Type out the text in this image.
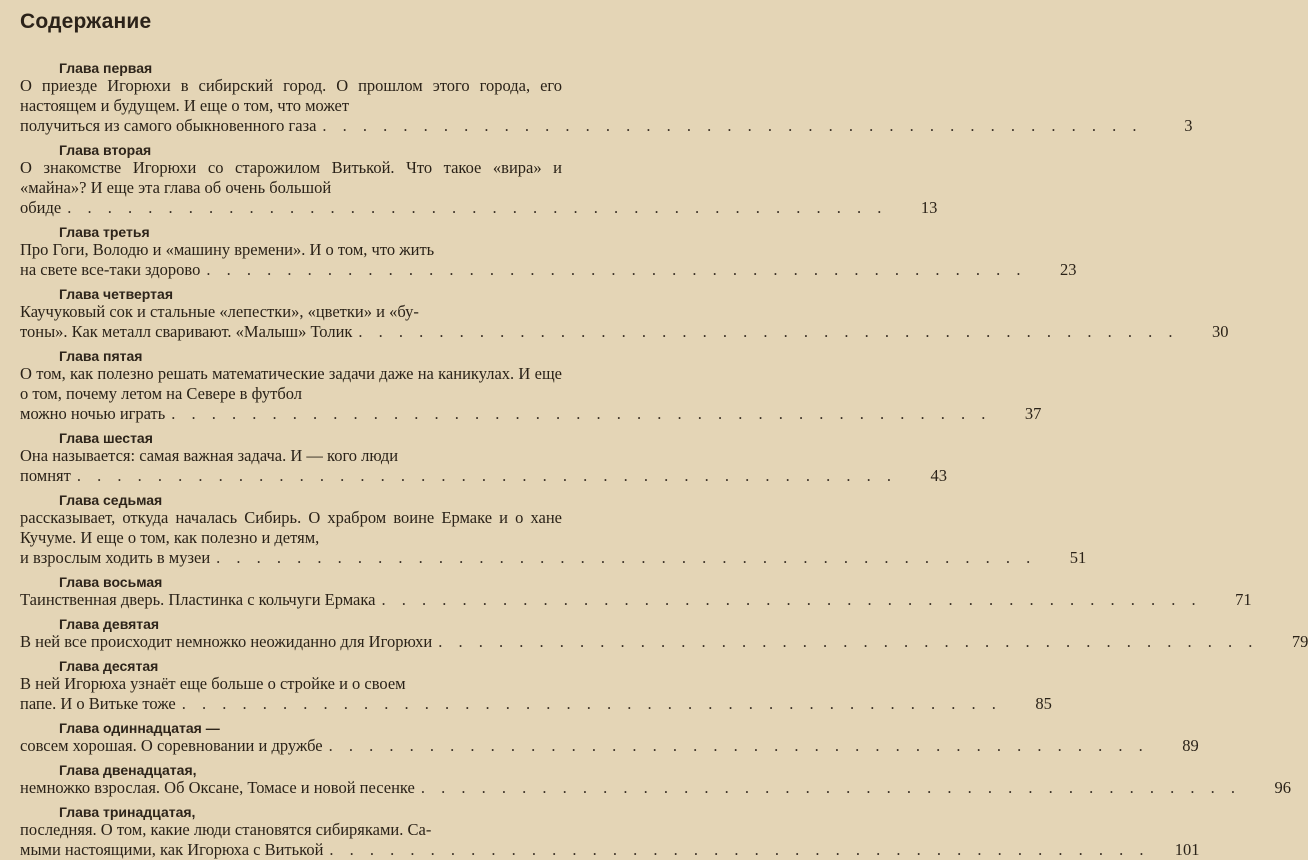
Содержание
Глава первая
О приезде Игорюхи в сибирский город. О прошлом этого города, его настоящем и будущем. И еще о том, что может
получиться из самого обыкновенного газа . . . . . . . . . . . . . . . . . . . . . . . . . . . . . . . . . . . . . . . . .	3
Глава вторая
О знакомстве Игорюхи со старожилом Витькой. Что такое «вира» и «майна»? И еще эта глава об очень большой
обиде . . . . . . . . . . . . . . . . . . . . . . . . . . . . . . . . . . . . . . . . .	13
Глава третья
Про Гоги, Володю и «машину времени». И о том, что жить
на свете все-таки здорово . . . . . . . . . . . . . . . . . . . . . . . . . . . . . . . . . . . . . . . . .	23
Глава четвертая
Каучуковый сок и стальные «лепестки», «цветки» и «бу-
тоны». Как металл сваривают. «Малыш» Толик . . . . . . . . . . . . . . . . . . . . . . . . . . . . . . . . . . . . . . . . .	30
Глава пятая
О том, как полезно решать математические задачи даже на каникулах. И еще о том, почему летом на Севере в футбол
можно ночью играть . . . . . . . . . . . . . . . . . . . . . . . . . . . . . . . . . . . . . . . . .	37
Глава шестая
Она называется: самая важная задача. И — кого люди
помнят . . . . . . . . . . . . . . . . . . . . . . . . . . . . . . . . . . . . . . . . .	43
Глава седьмая
рассказывает, откуда началась Сибирь. О храбром воине Ермаке и о хане Кучуме. И еще о том, как полезно и детям,
и взрослым ходить в музеи . . . . . . . . . . . . . . . . . . . . . . . . . . . . . . . . . . . . . . . . .	51
Глава восьмая
Таинственная дверь. Пластинка с кольчуги Ермака . . . . . . . . . . . . . . . . . . . . . . . . . . . . . . . . . . . . . . . . .	71
Глава девятая
В ней все происходит немножко неожиданно для Игорюхи . . . . . . . . . . . . . . . . . . . . . . . . . . . . . . . . . . . . . . . . .	79
Глава десятая
В ней Игорюха узнаёт еще больше о стройке и о своем
папе. И о Витьке тоже . . . . . . . . . . . . . . . . . . . . . . . . . . . . . . . . . . . . . . . . .	85
Глава одиннадцатая —
совсем хорошая. О соревновании и дружбе . . . . . . . . . . . . . . . . . . . . . . . . . . . . . . . . . . . . . . . . .	89
Глава двенадцатая,
немножко взрослая. Об Оксане, Томасе и новой песенке . . . . . . . . . . . . . . . . . . . . . . . . . . . . . . . . . . . . . . . . .	96
Глава тринадцатая,
последняя. О том, какие люди становятся сибиряками. Са-
мыми настоящими, как Игорюха с Витькой . . . . . . . . . . . . . . . . . . . . . . . . . . . . . . . . . . . . . . . . .	101
